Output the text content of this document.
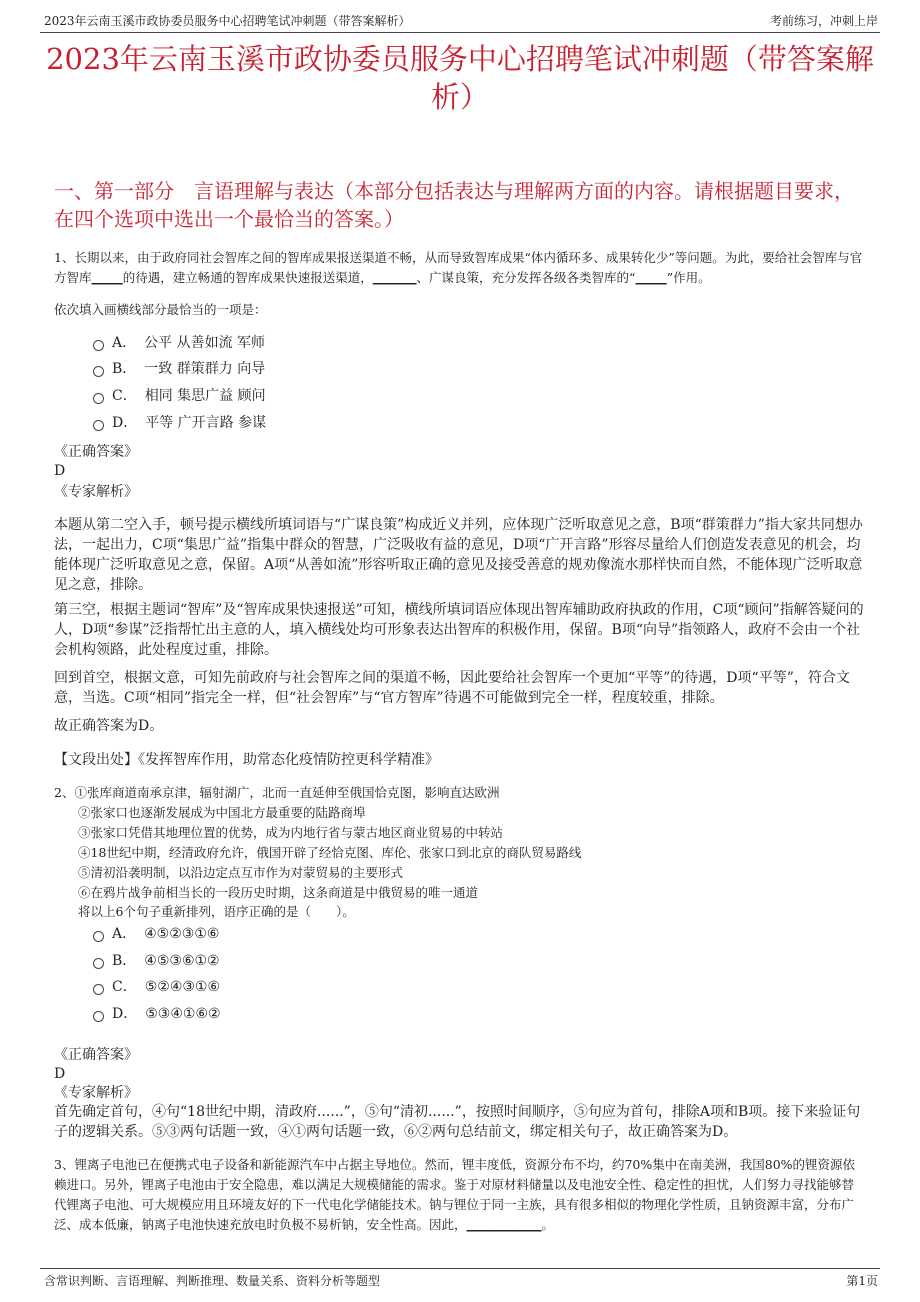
2023年云南玉溪市政协委员服务中心招聘笔试冲刺题（带答案解析）	考前练习，冲刺上岸
2023年云南玉溪市政协委员服务中心招聘笔试冲刺题（带答案解析）
一、第一部分　言语理解与表达（本部分包括表达与理解两方面的内容。请根据题目要求，在四个选项中选出一个最恰当的答案。）
1、长期以来，由于政府同社会智库之间的智库成果报送渠道不畅，从而导致智库成果“体内循环多、成果转化少”等问题。为此，要给社会智库与官方智库_____的待遇，建立畅通的智库成果快速报送渠道，_______、广谋良策，充分发挥各级各类智库的“_____”作用。

依次填入画横线部分最恰当的一项是：

A． 公平 从善如流 军师
B． 一致 群策群力 向导
C． 相同 集思广益 顾问
D． 平等 广开言路 参谋

《正确答案》

D

《专家解析》

本题从第二空入手，顿号提示横线所填词语与“广谋良策”构成近义并列，应体现广泛听取意见之意，B项“群策群力”指大家共同想办法，一起出力，C项“集思广益”指集中群众的智慧，广泛吸收有益的意见，D项“广开言路”形容尽量给人们创造发表意见的机会，均能体现广泛听取意见之意，保留。A项“从善如流”形容听取正确的意见及接受善意的规劝像流水那样快而自然，不能体现广泛听取意见之意，排除。

第三空，根据主题词“智库”及“智库成果快速报送”可知，横线所填词语应体现出智库辅助政府执政的作用，C项“顾问”指解答疑问的人，D项“参谋”泛指帮忙出主意的人，填入横线处均可形象表达出智库的积极作用，保留。B项“向导”指领路人，政府不会由一个社会机构领路，此处程度过重，排除。

回到首空，根据文意，可知先前政府与社会智库之间的渠道不畅，因此要给社会智库一个更加“平等”的待遇，D项“平等”，符合文意，当选。C项“相同”指完全一样，但“社会智库”与“官方智库”待遇不可能做到完全一样，程度较重，排除。

故正确答案为D。

【文段出处】《发挥智库作用，助常态化疫情防控更科学精准》

2、①张库商道南承京津，辐射湖广，北而一直延伸至俄国恰克图，影响直达欧洲

②张家口也逐渐发展成为中国北方最重要的陆路商埠

③张家口凭借其地理位置的优势，成为内地行省与蒙古地区商业贸易的中转站

④18世纪中期，经清政府允许，俄国开辟了经恰克图、库伦、张家口到北京的商队贸易路线

⑤清初沿袭明制，以沿边定点互市作为对蒙贸易的主要形式

⑥在鸦片战争前相当长的一段历史时期，这条商道是中俄贸易的唯一通道

将以上6个句子重新排列，语序正确的是（　　）。

A． ④⑤②③①⑥
B． ④⑤③⑥①②
C． ⑤②④③①⑥
D． ⑤③④①⑥②

《正确答案》

D

《专家解析》

首先确定首句，④句“18世纪中期，清政府......”，⑤句“清初......”，按照时间顺序，⑤句应为首句，排除A项和B项。接下来验证句子的逻辑关系。⑤③两句话题一致，④①两句话题一致，⑥②两句总结前文，绑定相关句子，故正确答案为D。

3、锂离子电池已在便携式电子设备和新能源汽车中占据主导地位。然而，锂丰度低，资源分布不均，约70%集中在南美洲，我国80%的锂资源依赖进口。另外，锂离子电池由于安全隐患，难以满足大规模储能的需求。鉴于对原材料储量以及电池安全性、稳定性的担忧，人们努力寻找能够替代锂离子电池、可大规模应用且环境友好的下一代电化学储能技术。钠与锂位于同一主族，具有很多相似的物理化学性质，且钠资源丰富，分布广泛、成本低廉，钠离子电池快速充放电时负极不易析钠，安全性高。因此，____________。
含常识判断、言语理解、判断推理、数量关系、资料分析等题型	第1页
